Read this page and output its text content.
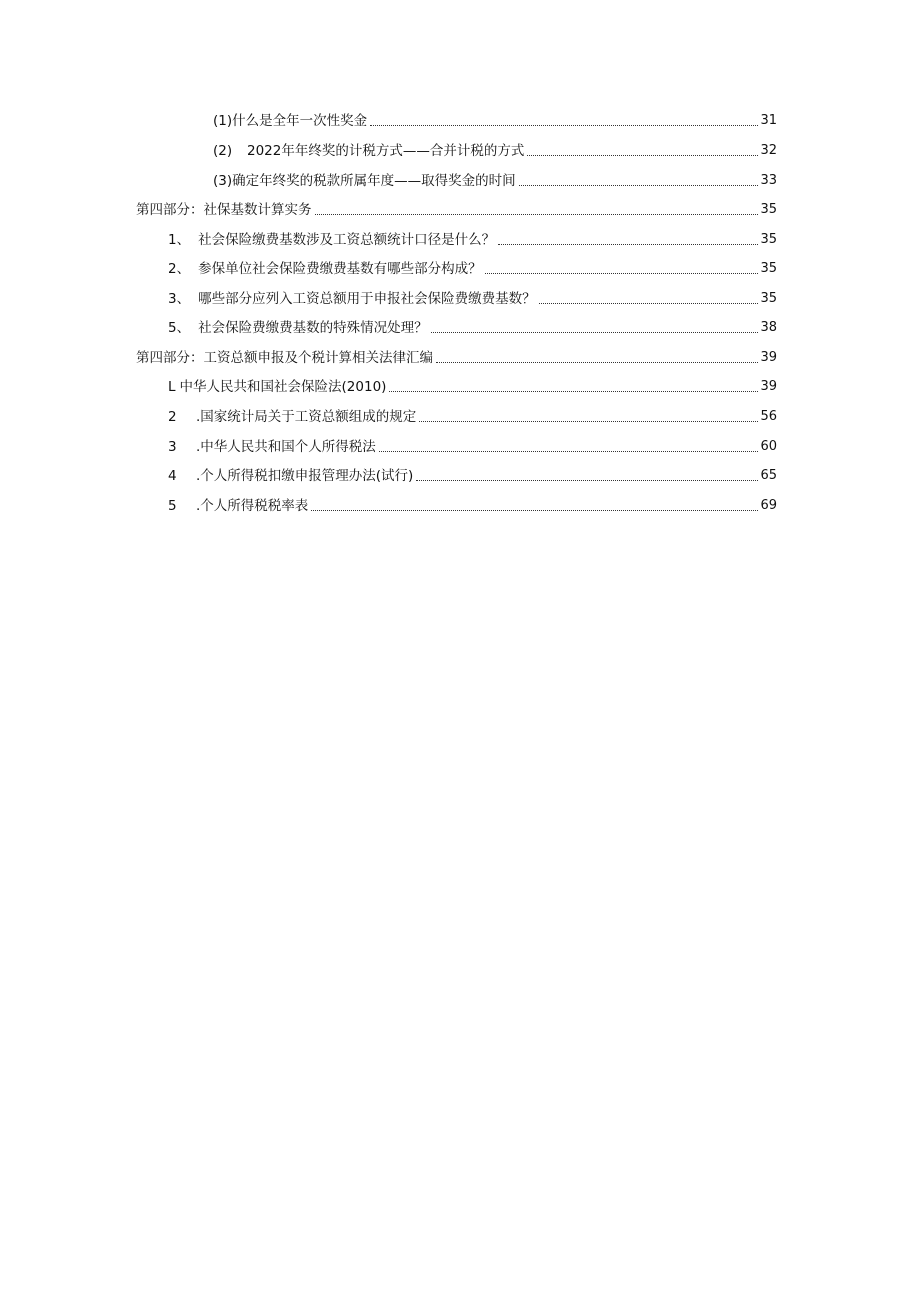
(1) 什么是全年一次性奖金	31
(2)	2022年年终奖的计税方式——合并计税的方式	32
(3) 确定年终奖的税款所属年度——取得奖金的时间	33
第四部分：社保基数计算实务	35
1、 社会保险缴费基数涉及工资总额统计口径是什么？	35
2、 参保单位社会保险费缴费基数有哪些部分构成？	35
3、 哪些部分应列入工资总额用于申报社会保险费缴费基数？	35
5、 社会保险费缴费基数的特殊情况处理？	38
第四部分：工资总额申报及个税计算相关法律汇编	39
L 中华人民共和国社会保险法(2010)	39
2	.国家统计局关于工资总额组成的规定	56
3	.中华人民共和国个人所得税法	60
4	.个人所得税扣缴申报管理办法(试行)	65
5	.个人所得税税率表	69
